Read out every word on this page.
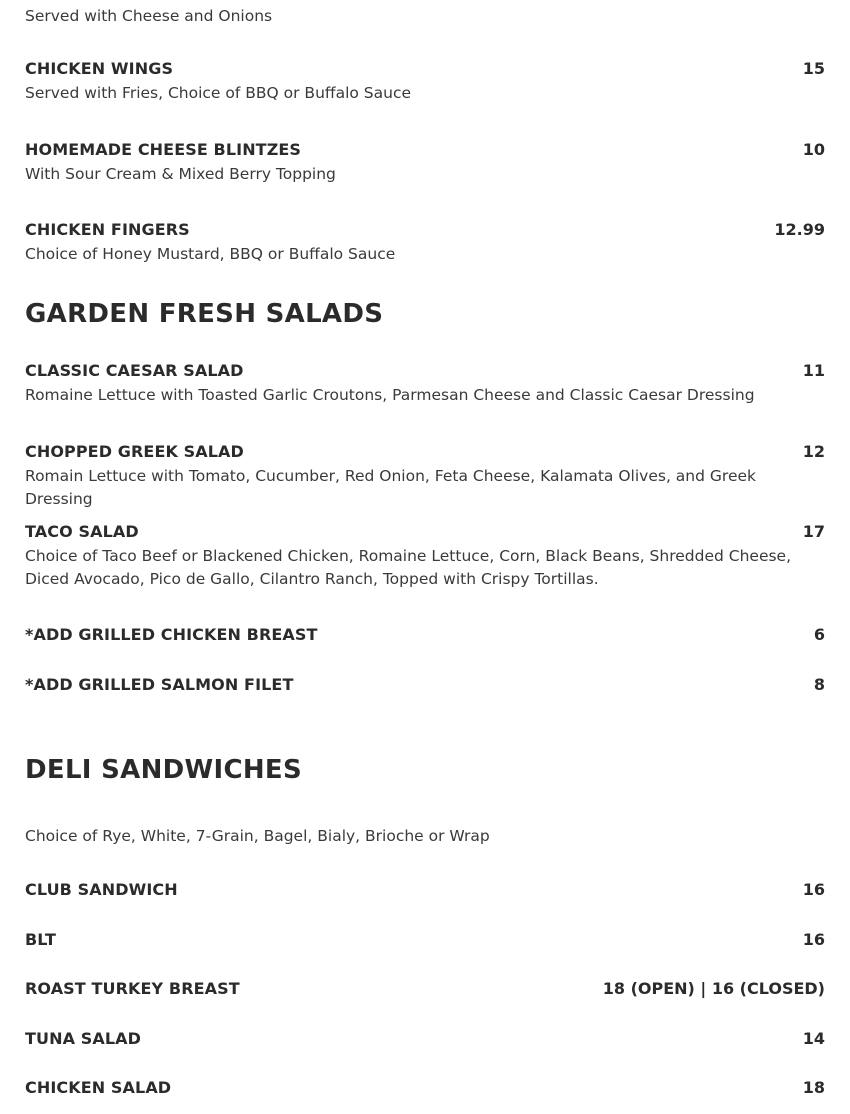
Served with Cheese and Onions
CHICKEN WINGS	15
Served with Fries, Choice of BBQ or Buffalo Sauce
HOMEMADE CHEESE BLINTZES	10
With Sour Cream & Mixed Berry Topping
CHICKEN FINGERS	12.99
Choice of Honey Mustard, BBQ or Buffalo Sauce
GARDEN FRESH SALADS
CLASSIC CAESAR SALAD	11
Romaine Lettuce with Toasted Garlic Croutons, Parmesan Cheese and Classic Caesar Dressing
CHOPPED GREEK SALAD	12
Romain Lettuce with Tomato, Cucumber, Red Onion, Feta Cheese, Kalamata Olives, and Greek Dressing
TACO SALAD	17
Choice of Taco Beef or Blackened Chicken, Romaine Lettuce, Corn, Black Beans, Shredded Cheese, Diced Avocado, Pico de Gallo, Cilantro Ranch, Topped with Crispy Tortillas.
*ADD GRILLED CHICKEN BREAST	6
*ADD GRILLED SALMON FILET	8
DELI SANDWICHES
Choice of Rye, White, 7-Grain, Bagel, Bialy, Brioche or Wrap
CLUB SANDWICH	16
BLT	16
ROAST TURKEY BREAST	18 (OPEN) | 16 (CLOSED)
TUNA SALAD	14
CHICKEN SALAD	18
